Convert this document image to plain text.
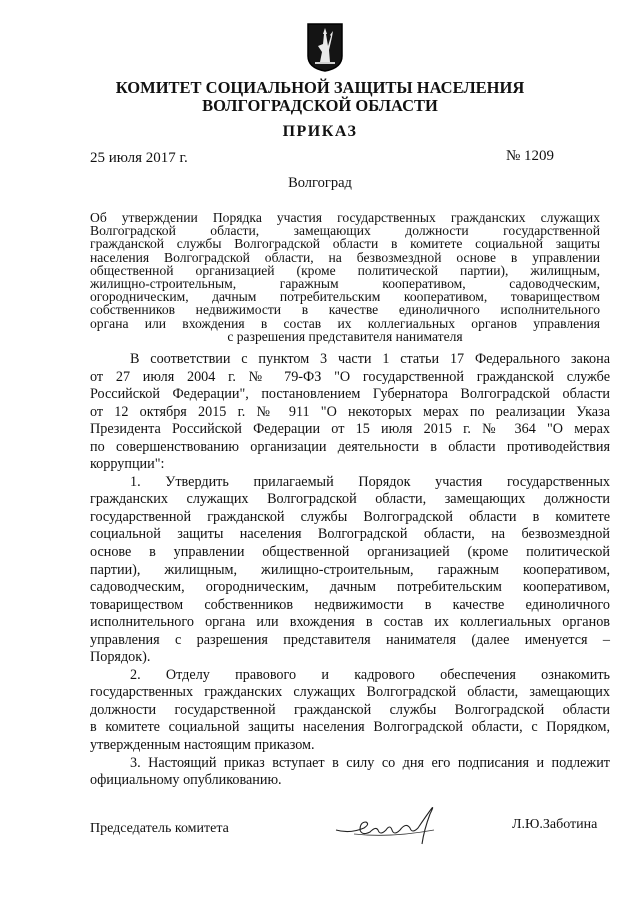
КОМИТЕТ СОЦИАЛЬНОЙ ЗАЩИТЫ НАСЕЛЕНИЯ
ВОЛГОГРАДСКОЙ ОБЛАСТИ
ПРИКАЗ
25 июля 2017 г.	№ 1209
Волгоград
Об утверждении Порядка участия государственных гражданских служащих
Волгоградской области, замещающих должности государственной
гражданской службы Волгоградской области в комитете социальной защиты
населения Волгоградской области, на безвозмездной основе в управлении
общественной организацией (кроме политической партии), жилищным,
жилищно-строительным, гаражным кооперативом, садоводческим,
огородническим, дачным потребительским кооперативом, товариществом
собственников недвижимости в качестве единоличного исполнительного
органа или вхождения в состав их коллегиальных органов управления
с разрешения представителя нанимателя
В соответствии с пунктом 3 части 1 статьи 17 Федерального закона
от 27 июля 2004 г. № 79-ФЗ "О государственной гражданской службе
Российской Федерации", постановлением Губернатора Волгоградской области
от 12 октября 2015 г. № 911 "О некоторых мерах по реализации Указа
Президента Российской Федерации от 15 июля 2015 г. № 364 "О мерах
по совершенствованию организации деятельности в области противодействия
коррупции":
1. Утвердить прилагаемый Порядок участия государственных
гражданских служащих Волгоградской области, замещающих должности
государственной гражданской службы Волгоградской области в комитете
социальной защиты населения Волгоградской области, на безвозмездной
основе в управлении общественной организацией (кроме политической
партии), жилищным, жилищно-строительным, гаражным кооперативом,
садоводческим, огородническим, дачным потребительским кооперативом,
товариществом собственников недвижимости в качестве единоличного
исполнительного органа или вхождения в состав их коллегиальных органов
управления с разрешения представителя нанимателя (далее именуется –
Порядок).
2. Отделу правового и кадрового обеспечения ознакомить
государственных гражданских служащих Волгоградской области, замещающих
должности государственной гражданской службы Волгоградской области
в комитете социальной защиты населения Волгоградской области, с Порядком,
утвержденным настоящим приказом.
3. Настоящий приказ вступает в силу со дня его подписания и подлежит
официальному опубликованию.
Председатель комитета	Л.Ю.Заботина
